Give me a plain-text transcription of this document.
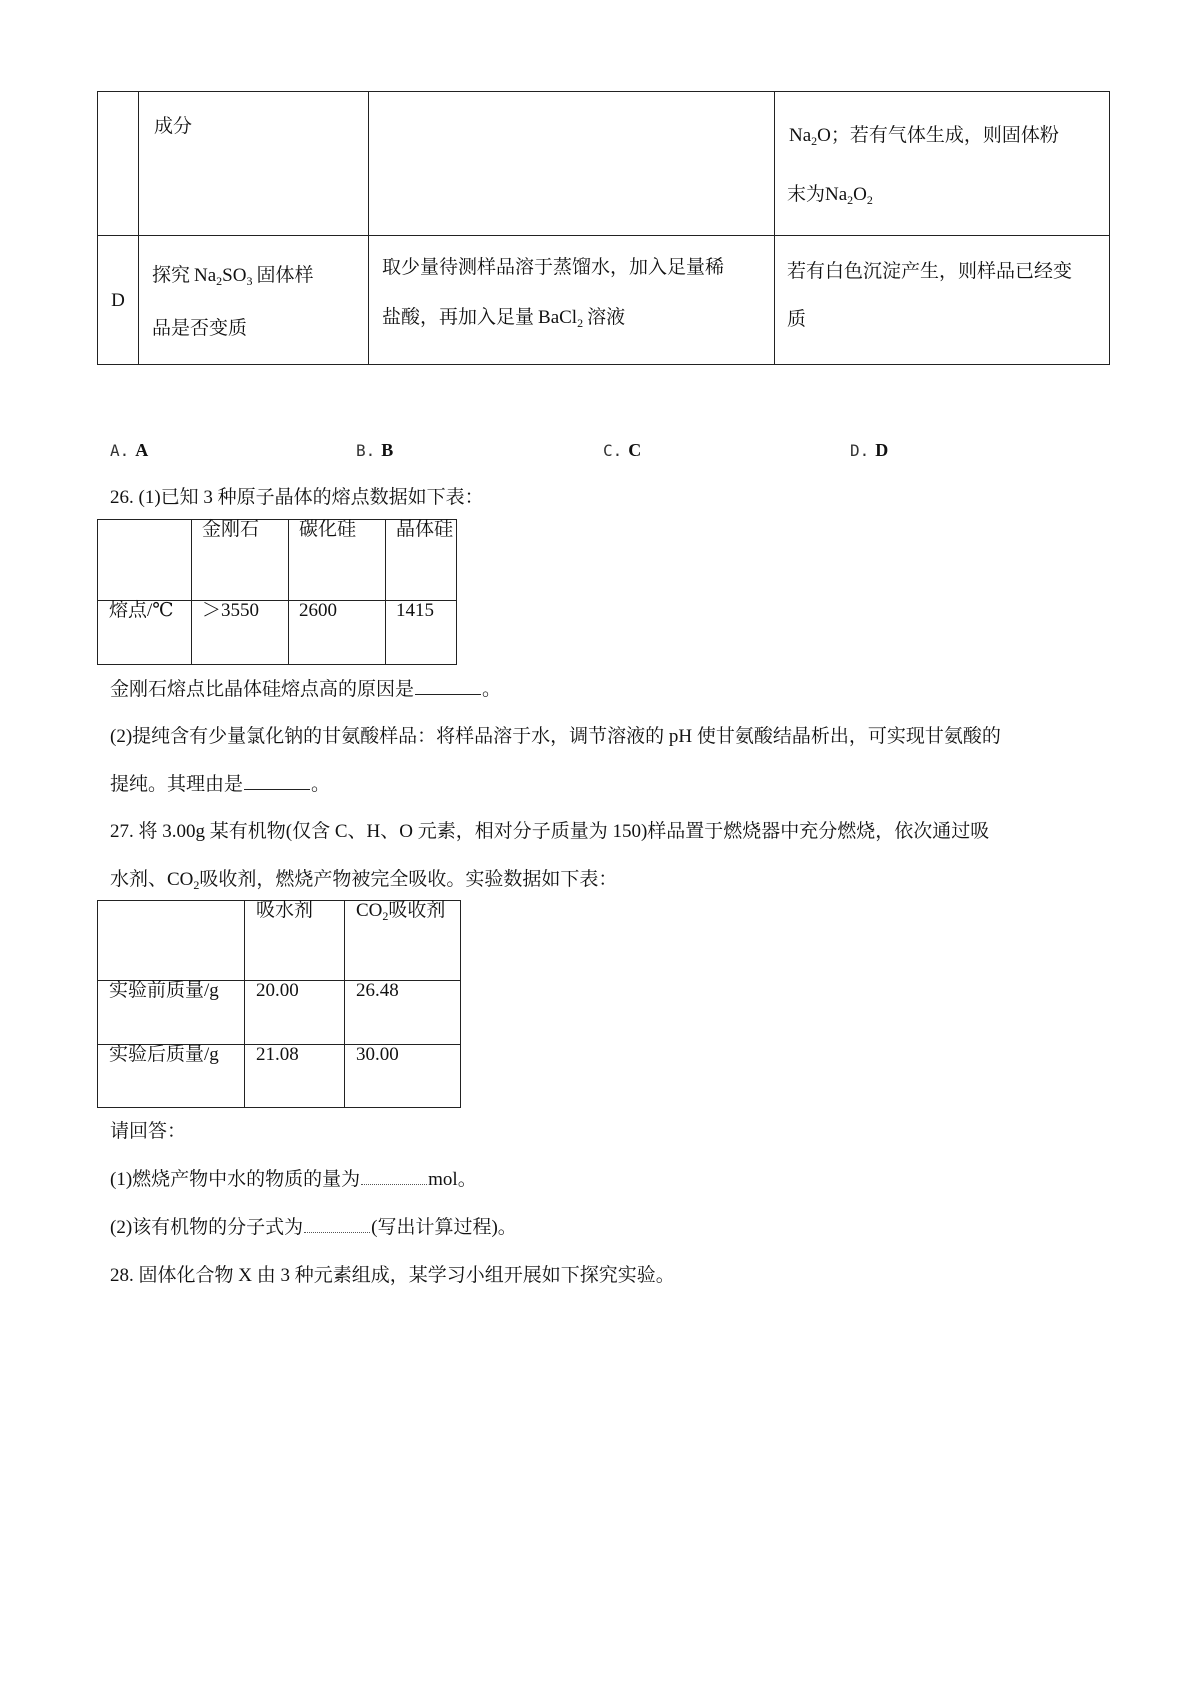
	成分		$Na_2O$；若有气体生成，则固体粉
末为$Na_2O_2$

D	探究 $Na_2SO_3$ 固体样
品是否变质	取少量待测样品溶于蒸馏水，加入足量稀
盐酸，再加入足量 BaCl$_2$ 溶液	若有白色沉淀产生，则样品已经变
质
A. A	B. B	C. C	D. D
26. (1)已知 3 种原子晶体的熔点数据如下表：
	金刚石	碳化硅	晶体硅
熔点/℃	＞3550	2600	1415
金刚石熔点比晶体硅熔点高的原因是	。
(2)提纯含有少量氯化钠的甘氨酸样品：将样品溶于水，调节溶液的 pH 使甘氨酸结晶析出，可实现甘氨酸的
提纯。其理由是	。
27. 将 3.00g 某有机物(仅含 C、H、O 元素，相对分子质量为 150)样品置于燃烧器中充分燃烧，依次通过吸
水剂、$CO_2$吸收剂，燃烧产物被完全吸收。实验数据如下表：
	吸水剂	$CO_2$吸收剂
实验前质量/g	20.00	26.48
实验后质量/g	21.08	30.00
请回答：
(1)燃烧产物中水的物质的量为	mol。
(2)该有机物的分子式为	(写出计算过程)。
28. 固体化合物 X 由 3 种元素组成，某学习小组开展如下探究实验。
